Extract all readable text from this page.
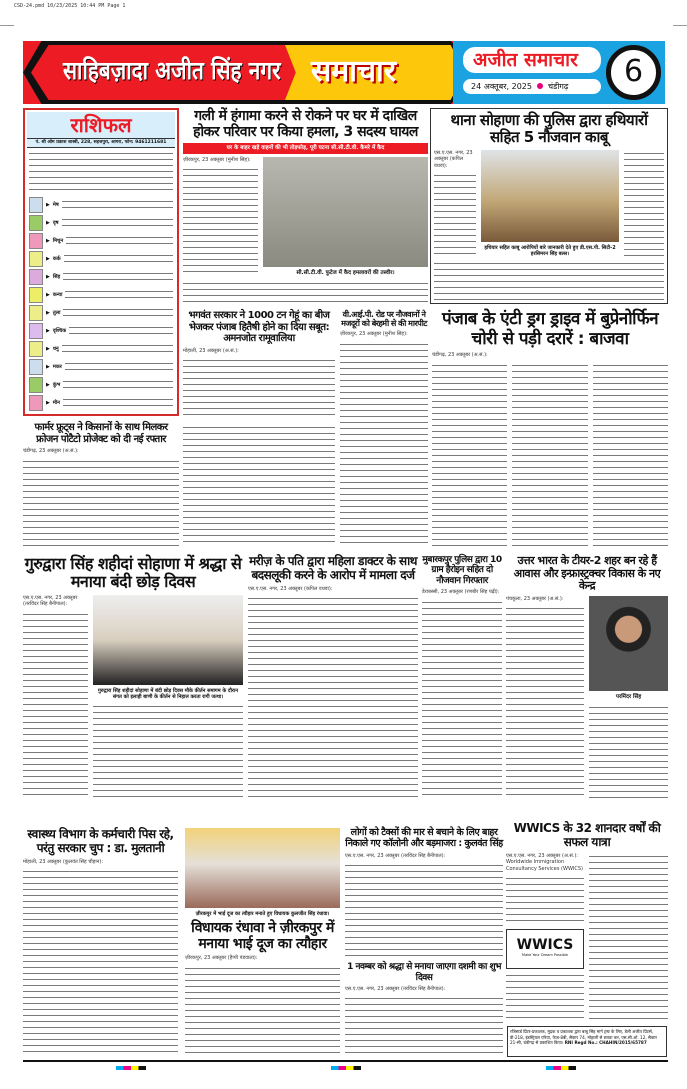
CSD-24.pmd 10/23/2025 10:44 PM Page 1
साहिबज़ादा अजीत सिंह नगर समाचार	अजीत समाचार
24 अक्तूबर, 2025 चंडीगढ़	6
राशिफल
पं. श्री ओम प्रकाश शास्त्री, 228, सहजपुरा, आगरा, फोन: 9461211681
▶ मेष
▶ वृष
▶ मिथुन
▶ कर्क
▶ सिंह
▶ कन्या
▶ तुला
▶ वृश्चिक
▶ धनु
▶ मकर
▶ कुंभ
▶ मीन
गली में हंगामा करने से रोकने पर घर में दाखिल होकर परिवार पर किया हमला, 3 सदस्य घायल
घर के बाहर खड़े वाहनों की भी तोड़फोड़, पूरी घटना सी.सी.टी.वी. कैमरे में कैद
ज़ीरकपुर, 23 अक्तूबर (मुनीश सिंह):
सी.सी.टी.वी. फुटेज में कैद हमलावरों की तस्वीर।
थाना सोहाणा की पुलिस द्वारा हथियारों सहित 5 नौजवान काबू
एस.ए.एस. नगर, 23 अक्तूबर (कपिल वधवा):
हथियार सहित काबू आरोपियों बारे जानकारी देते हुए डी.एस.पी. सिटी-2 हरसिमरन सिंह बल्ल।
भगवंत सरकार ने 1000 टन गेहूं का बीज भेजकर पंजाब हितैषी होने का दिया सबूत: अमनजोत रामूवालिया
मोहाली, 23 अक्तूबर (अ.सं.):
वी.आई.पी. रोड पर नौजवानों ने मजदूरों को बेरहमी से की मारपीट
ज़ीरकपुर, 23 अक्तूबर (मुनीश सिंह):
पंजाब के एंटी ड्रग ड्राइव में बुप्रेनोर्फिन चोरी से पड़ी दरारें : बाजवा
चंडीगढ़, 23 अक्तूबर (अ.सं.):
फार्मर फ्रूट्स ने किसानों के साथ मिलकर फ्रोजन पोटैटो प्रोजेक्ट को दी नई रफ्तार
चंडीगढ़, 23 अक्तूबर (अ.सं.):
गुरुद्वारा सिंह शहीदां सोहाणा में श्रद्धा से मनाया बंदी छोड़ दिवस
एस.ए.एस. नगर, 23 अक्तूबर (तरविंदर सिंह बैनीपाल):
गुरुद्वारा सिंह शहीदां सोहाणा में बंदी छोड़ दिवस मौके कीर्तन समागम के दौरान संगत को इलाही बाणी के कीर्तन से निहाल करता रागी जत्था।
मरीज़ के पति द्वारा महिला डाक्टर के साथ बदसलूकी करने के आरोप में मामला दर्ज
एस.ए.एस. नगर, 23 अक्तूबर (कपिल वधवा):
मुबारकपुर पुलिस द्वारा 10 ग्राम हैरोइन सहित दो नौजवान गिरफ्तार
डेराबस्सी, 23 अक्तूबर (रणबीर सिंह पढ़ी):
उत्तर भारत के टीयर-2 शहर बन रहे हैं आवास और इन्फ्रास्ट्रक्चर विकास के नए केन्द्र
पंचकूला, 23 अक्तूबर (अ.सं.):
परमिंदर सिंह
स्वास्थ्य विभाग के कर्मचारी पिस रहे, परंतु सरकार चुप : डा. मुलतानी
मोहाली, 23 अक्तूबर (कुलवंत सिंह चौहान):
ज़ीरकपुर में भाई दूज का त्यौहार मनाते हुए विधायक कुलजीत सिंह रंधावा।
विधायक रंधावा ने ज़ीरकपुर में मनाया भाई दूज का त्यौहार
ज़ीरकपुर, 23 अक्तूबर (हैप्पी पंडवाला):
लोगों को टैक्सों की मार से बचाने के लिए बाहर निकाले गए कॉलोनी और बड़माजरा : कुलवंत सिंह
एस.ए.एस. नगर, 23 अक्तूबर (तरविंदर सिंह बैनीपाल):
1 नवम्बर को श्रद्धा से मनाया जाएगा दशमी का शुभ दिवस
एस.ए.एस. नगर, 23 अक्तूबर (तरविंदर सिंह बैनीपाल):
WWICS के 32 शानदार वर्षों की सफल यात्रा
एस.ए.एस. नगर, 23 अक्तूबर (अ.सं.): Worldwide Immigration Consultancy Services (WWICS)
WWICS
Make Your Dream Possible
रजिस्टर्ड प्रिंटर-प्रकाशक, मुद्रक व प्रकाशक द्वारा बाबू सिंह मार्ग ट्रस्ट के लिए, डेली अजीत प्रिंटर्स, डी-218, इंडस्ट्रियल एरिया, फेज़-8बी, सैक्टर 74, मोहाली से छपवा कर, एस.सी.ओ. 12, सैक्टर 21-सी, चंडीगढ़ से प्रकाशित किया। RNI Regd No.: CHAHIN/2015/65787
